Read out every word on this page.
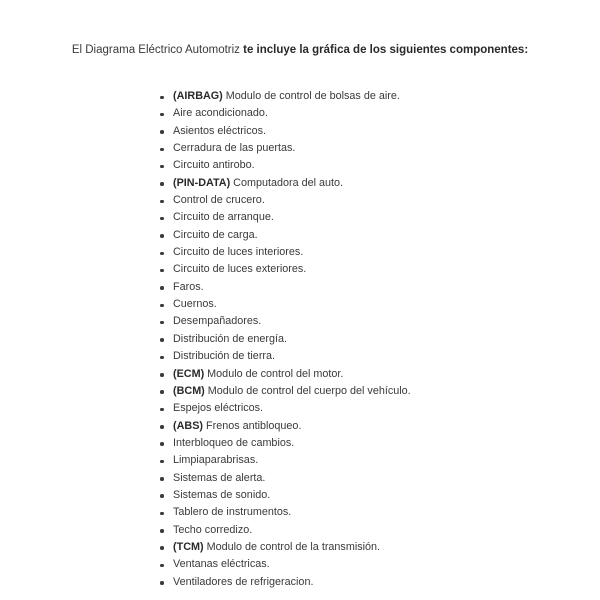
El Diagrama Eléctrico Automotriz te incluye la gráfica de los siguientes componentes:
(AIRBAG) Modulo de control de bolsas de aire.
Aire acondicionado.
Asientos eléctricos.
Cerradura de las puertas.
Circuito antirobo.
(PIN-DATA) Computadora del auto.
Control de crucero.
Circuito de arranque.
Circuito de carga.
Circuito de luces interiores.
Circuito de luces exteriores.
Faros.
Cuernos.
Desempañadores.
Distribución de energía.
Distribución de tierra.
(ECM) Modulo de control del motor.
(BCM) Modulo de control del cuerpo del vehículo.
Espejos eléctricos.
(ABS) Frenos antibloqueo.
Interbloqueo de cambios.
Limpiaparabrisas.
Sistemas de alerta.
Sistemas de sonido.
Tablero de instrumentos.
Techo corredizo.
(TCM) Modulo de control de la transmisión.
Ventanas eléctricas.
Ventiladores de refrigeracion.
